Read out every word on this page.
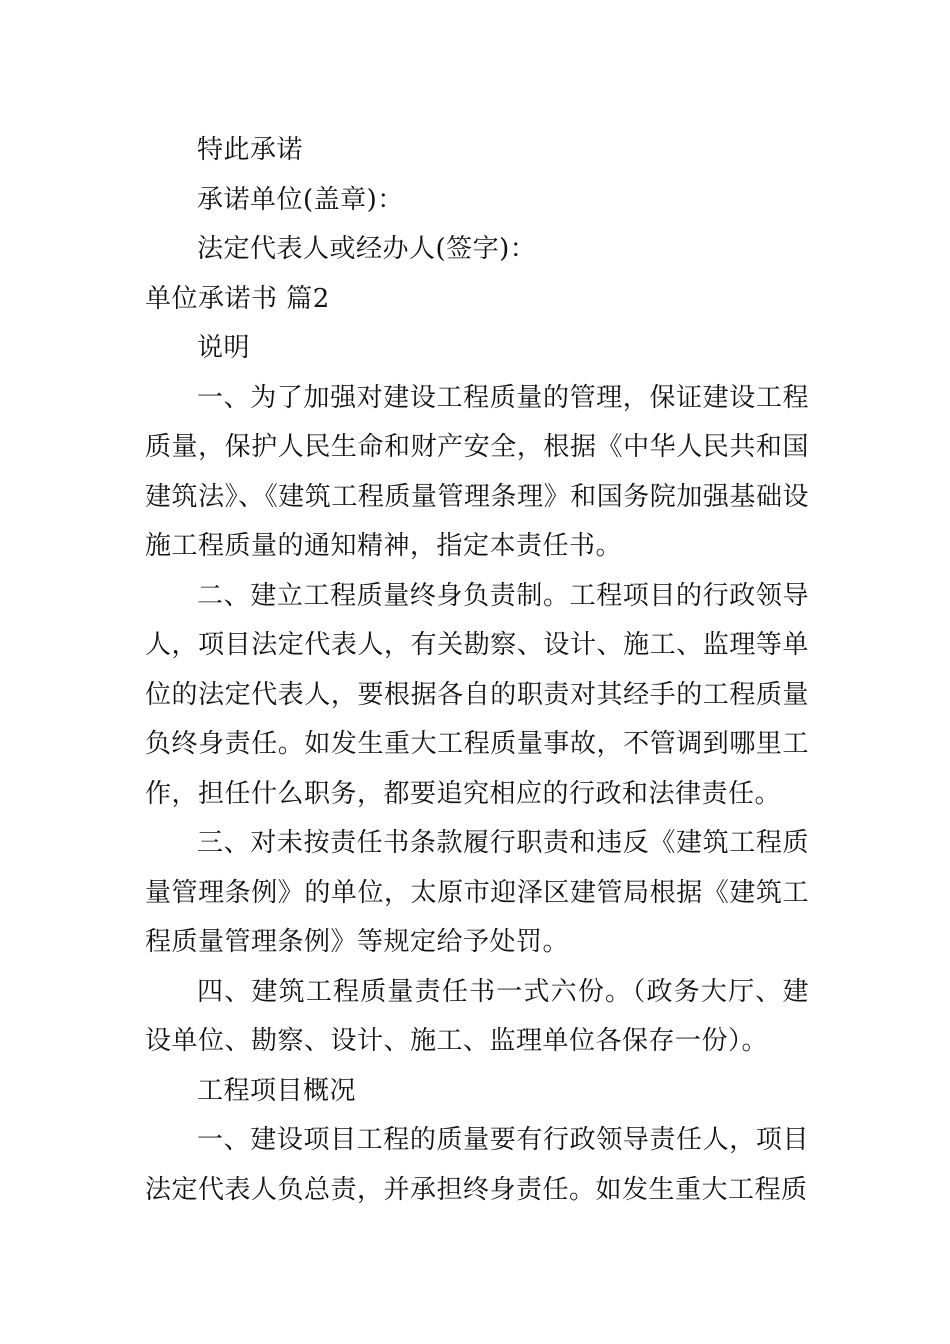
特此承诺

承诺单位(盖章)：

法定代表人或经办人(签字)：

单位承诺书 篇2

说明

一、为了加强对建设工程质量的管理，保证建设工程质量，保护人民生命和财产安全，根据《中华人民共和国建筑法》、《建筑工程质量管理条理》和国务院加强基础设施工程质量的通知精神，指定本责任书。

二、建立工程质量终身负责制。工程项目的行政领导人，项目法定代表人，有关勘察、设计、施工、监理等单位的法定代表人，要根据各自的职责对其经手的工程质量负终身责任。如发生重大工程质量事故，不管调到哪里工作，担任什么职务，都要追究相应的行政和法律责任。

三、对未按责任书条款履行职责和违反《建筑工程质量管理条例》的单位，太原市迎泽区建管局根据《建筑工程质量管理条例》等规定给予处罚。

四、建筑工程质量责任书一式六份。（政务大厅、建设单位、勘察、设计、施工、监理单位各保存一份）。

工程项目概况

一、建设项目工程的质量要有行政领导责任人，项目法定代表人负总责，并承担终身责任。如发生重大工程质
